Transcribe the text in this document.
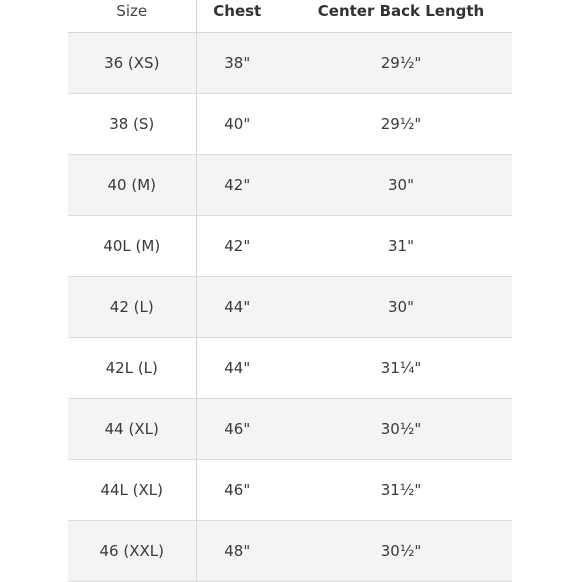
Size	Chest	Center Back Length
36 (XS)	38"	29½"
38 (S)	40"	29½"
40 (M)	42"	30"
40L (M)	42"	31"
42 (L)	44"	30"
42L (L)	44"	31¼"
44 (XL)	46"	30½"
44L (XL)	46"	31½"
46 (XXL)	48"	30½"
